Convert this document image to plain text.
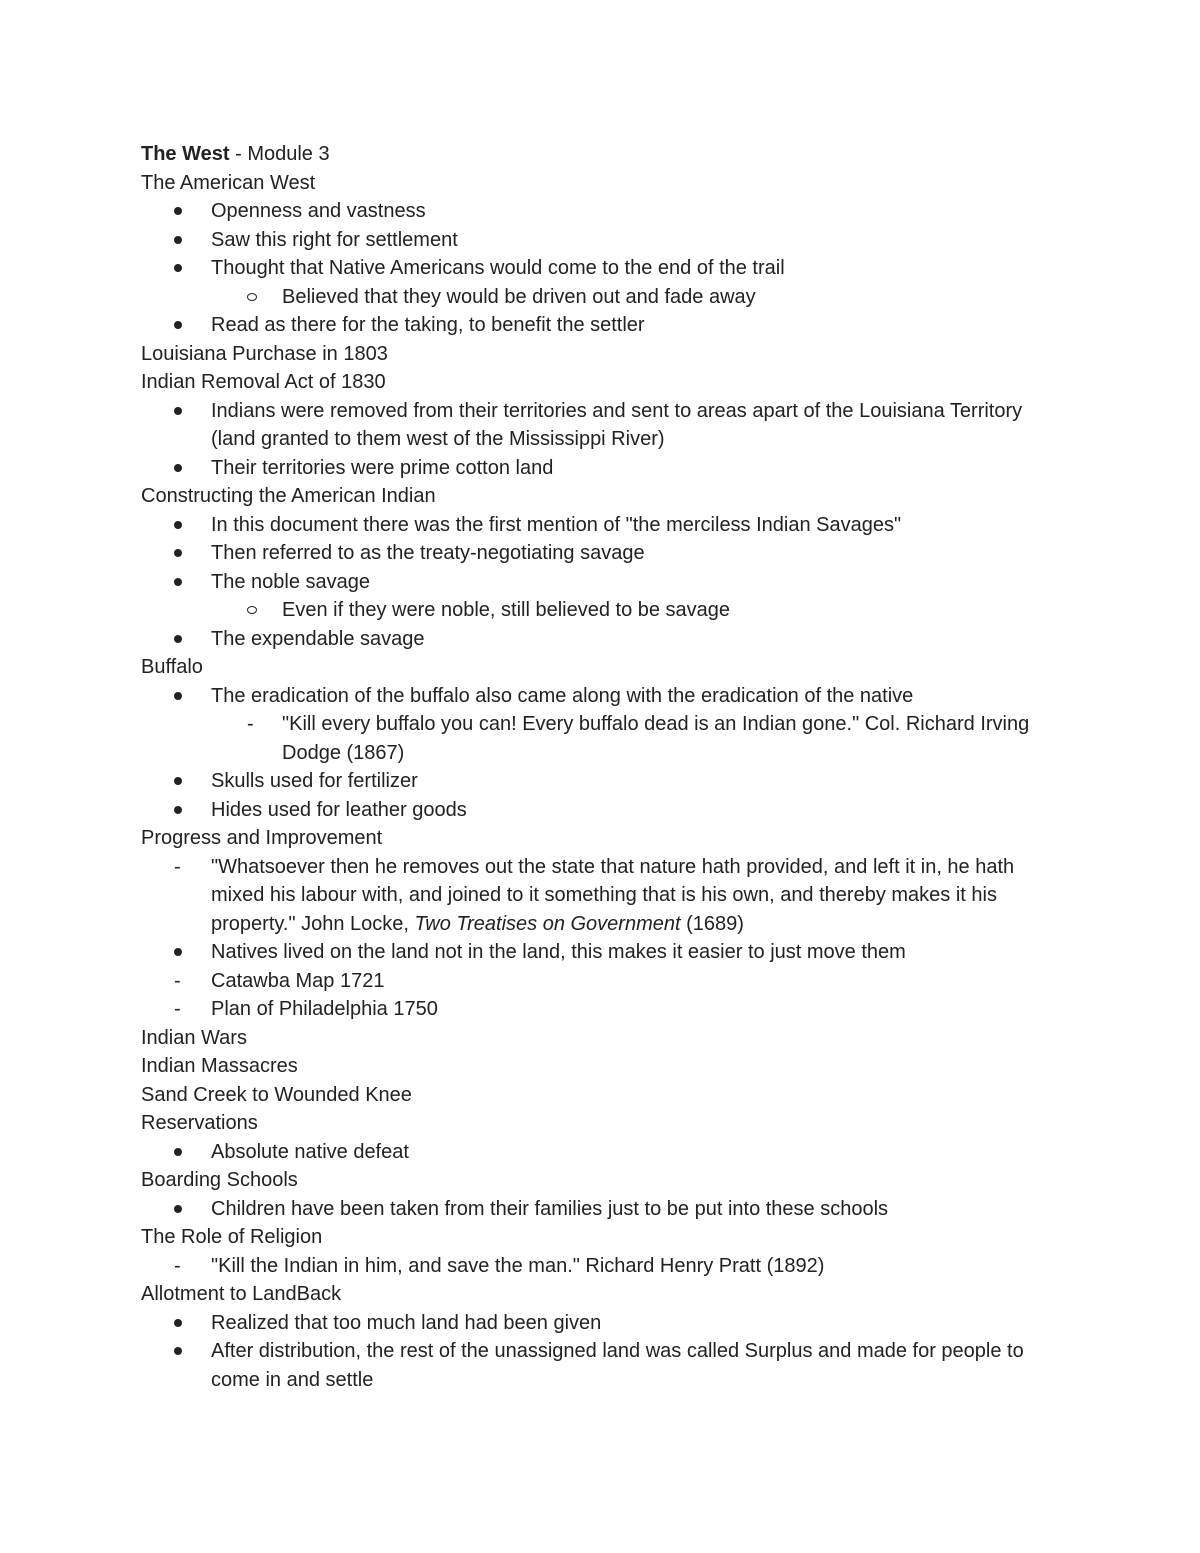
The West - Module 3
The American West
Openness and vastness
Saw this right for settlement
Thought that Native Americans would come to the end of the trail
Believed that they would be driven out and fade away
Read as there for the taking, to benefit the settler
Louisiana Purchase in 1803
Indian Removal Act of 1830
Indians were removed from their territories and sent to areas apart of the Louisiana Territory (land granted to them west of the Mississippi River)
Their territories were prime cotton land
Constructing the American Indian
In this document there was the first mention of "the merciless Indian Savages"
Then referred to as the treaty-negotiating savage
The noble savage
Even if they were noble, still believed to be savage
The expendable savage
Buffalo
The eradication of the buffalo also came along with the eradication of the native
- "Kill every buffalo you can! Every buffalo dead is an Indian gone." Col. Richard Irving Dodge (1867)
Skulls used for fertilizer
Hides used for leather goods
Progress and Improvement
- "Whatsoever then he removes out the state that nature hath provided, and left it in, he hath mixed his labour with, and joined to it something that is his own, and thereby makes it his property." John Locke, Two Treatises on Government (1689)
Natives lived on the land not in the land, this makes it easier to just move them
- Catawba Map 1721
- Plan of Philadelphia 1750
Indian Wars
Indian Massacres
Sand Creek to Wounded Knee
Reservations
Absolute native defeat
Boarding Schools
Children have been taken from their families just to be put into these schools
The Role of Religion
- "Kill the Indian in him, and save the man." Richard Henry Pratt (1892)
Allotment to LandBack
Realized that too much land had been given
After distribution, the rest of the unassigned land was called Surplus and made for people to come in and settle
